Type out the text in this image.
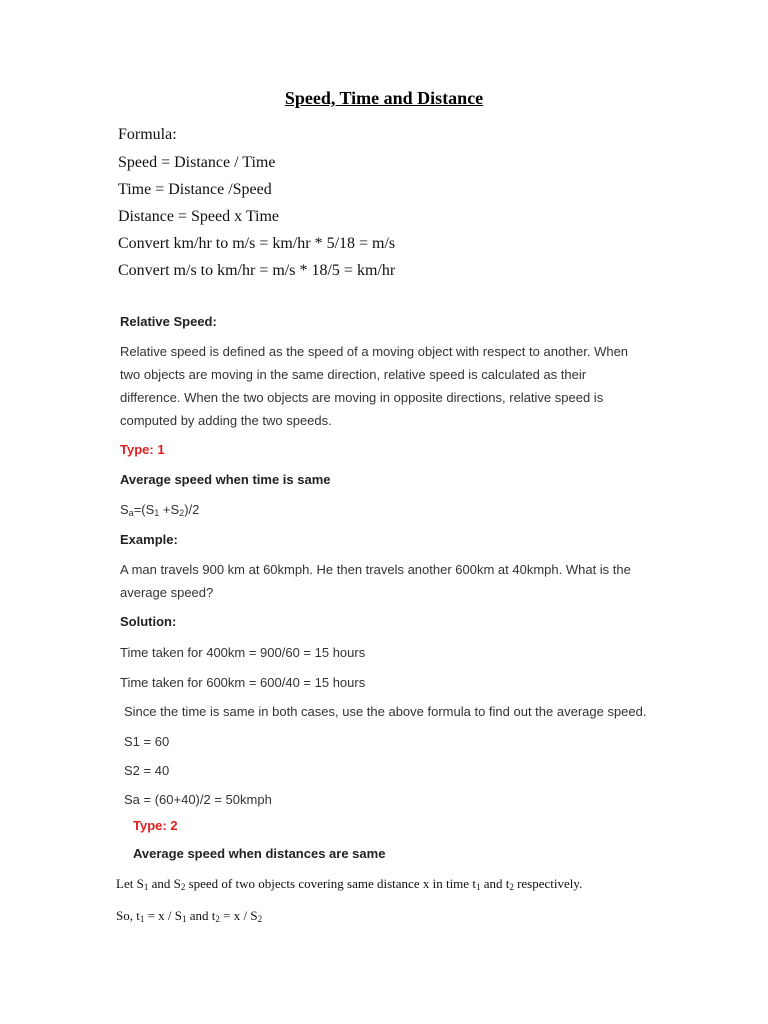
Speed, Time and Distance
Formula:
Speed = Distance / Time
Time = Distance /Speed
Distance = Speed x Time
Convert km/hr to m/s = km/hr * 5/18 = m/s
Convert m/s to km/hr = m/s * 18/5 = km/hr
Relative Speed:
Relative speed is defined as the speed of a moving object with respect to another. When two objects are moving in the same direction, relative speed is calculated as their difference. When the two objects are moving in opposite directions, relative speed is computed by adding the two speeds.
Type: 1
Average speed when time is same
$S_a=(S_1 +S_2)/2$
Example:
A man travels 900 km at 60kmph. He then travels another 600km at 40kmph. What is the average speed?
Solution:
Time taken for 400km = 900/60 = 15 hours
Time taken for 600km = 600/40 = 15 hours
Since the time is same in both cases, use the above formula to find out the average speed.
S1 = 60
S2 = 40
Sa = (60+40)/2 = 50kmph
Type: 2
Average speed when distances are same
Let $S_1$ and $S_2$ speed of two objects covering same distance x in time $t_1$ and $t_2$ respectively.
So, $t_1 = x / S_1$ and $t_2 = x / S_2$
